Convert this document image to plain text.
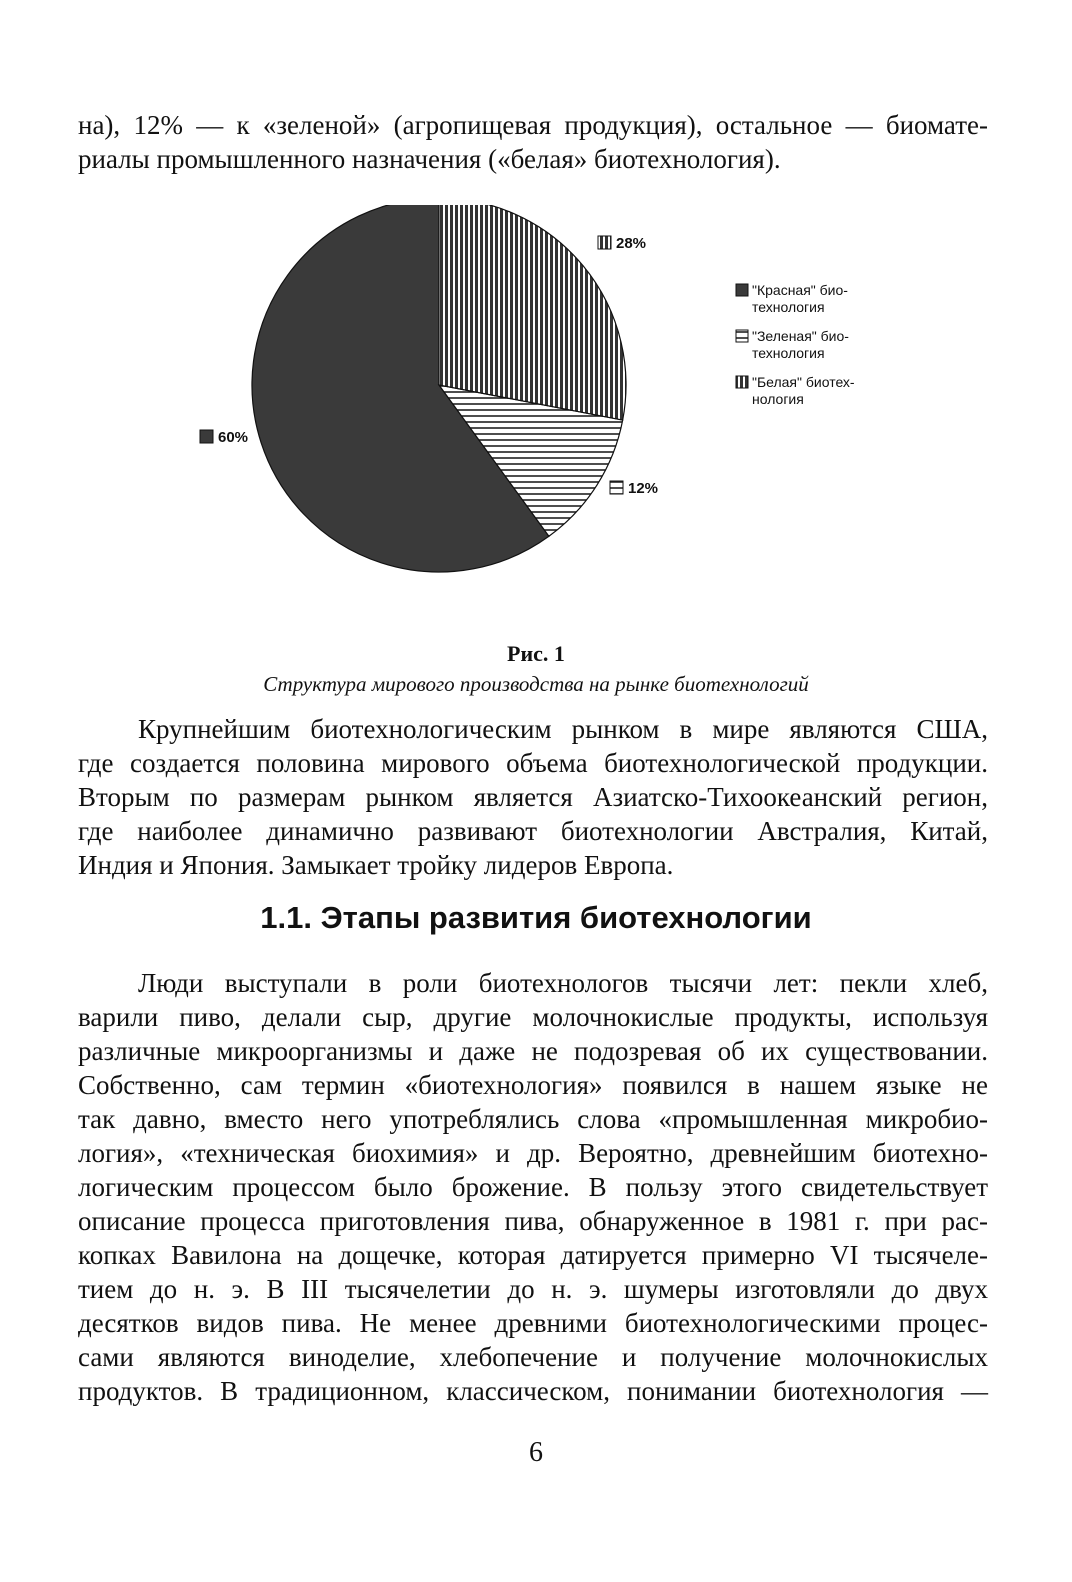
на), 12% — к «зеленой» (агропищевая продукция), остальное — биомате-
риалы промышленного назначения («белая» биотехнология).
60%
12%
28%
"Красная" био-
технология
"Зеленая" био-
технология
"Белая" биотех-
нология
Рис. 1
Структура мирового производства на рынке биотехнологий
Крупнейшим биотехнологическим рынком в мире являются США,
где создается половина мирового объема биотехнологической продукции.
Вторым по размерам рынком является Азиатско-Тихоокеанский регион,
где наиболее динамично развивают биотехнологии Австралия, Китай,
Индия и Япония. Замыкает тройку лидеров Европа.
1.1. Этапы развития биотехнологии
Люди выступали в роли биотехнологов тысячи лет: пекли хлеб,
варили пиво, делали сыр, другие молочнокислые продукты, используя
различные микроорганизмы и даже не подозревая об их существовании.
Собственно, сам термин «биотехнология» появился в нашем языке не
так давно, вместо него употреблялись слова «промышленная микробио-
логия», «техническая биохимия» и др. Вероятно, древнейшим биотехно-
логическим процессом было брожение. В пользу этого свидетельствует
описание процесса приготовления пива, обнаруженное в 1981 г. при рас-
копках Вавилона на дощечке, которая датируется примерно VI тысячеле-
тием до н. э. В III тысячелетии до н. э. шумеры изготовляли до двух
десятков видов пива. Не менее древними биотехнологическими процес-
сами являются виноделие, хлебопечение и получение молочнокислых
продуктов. В традиционном, классическом, понимании биотехнология —
6
